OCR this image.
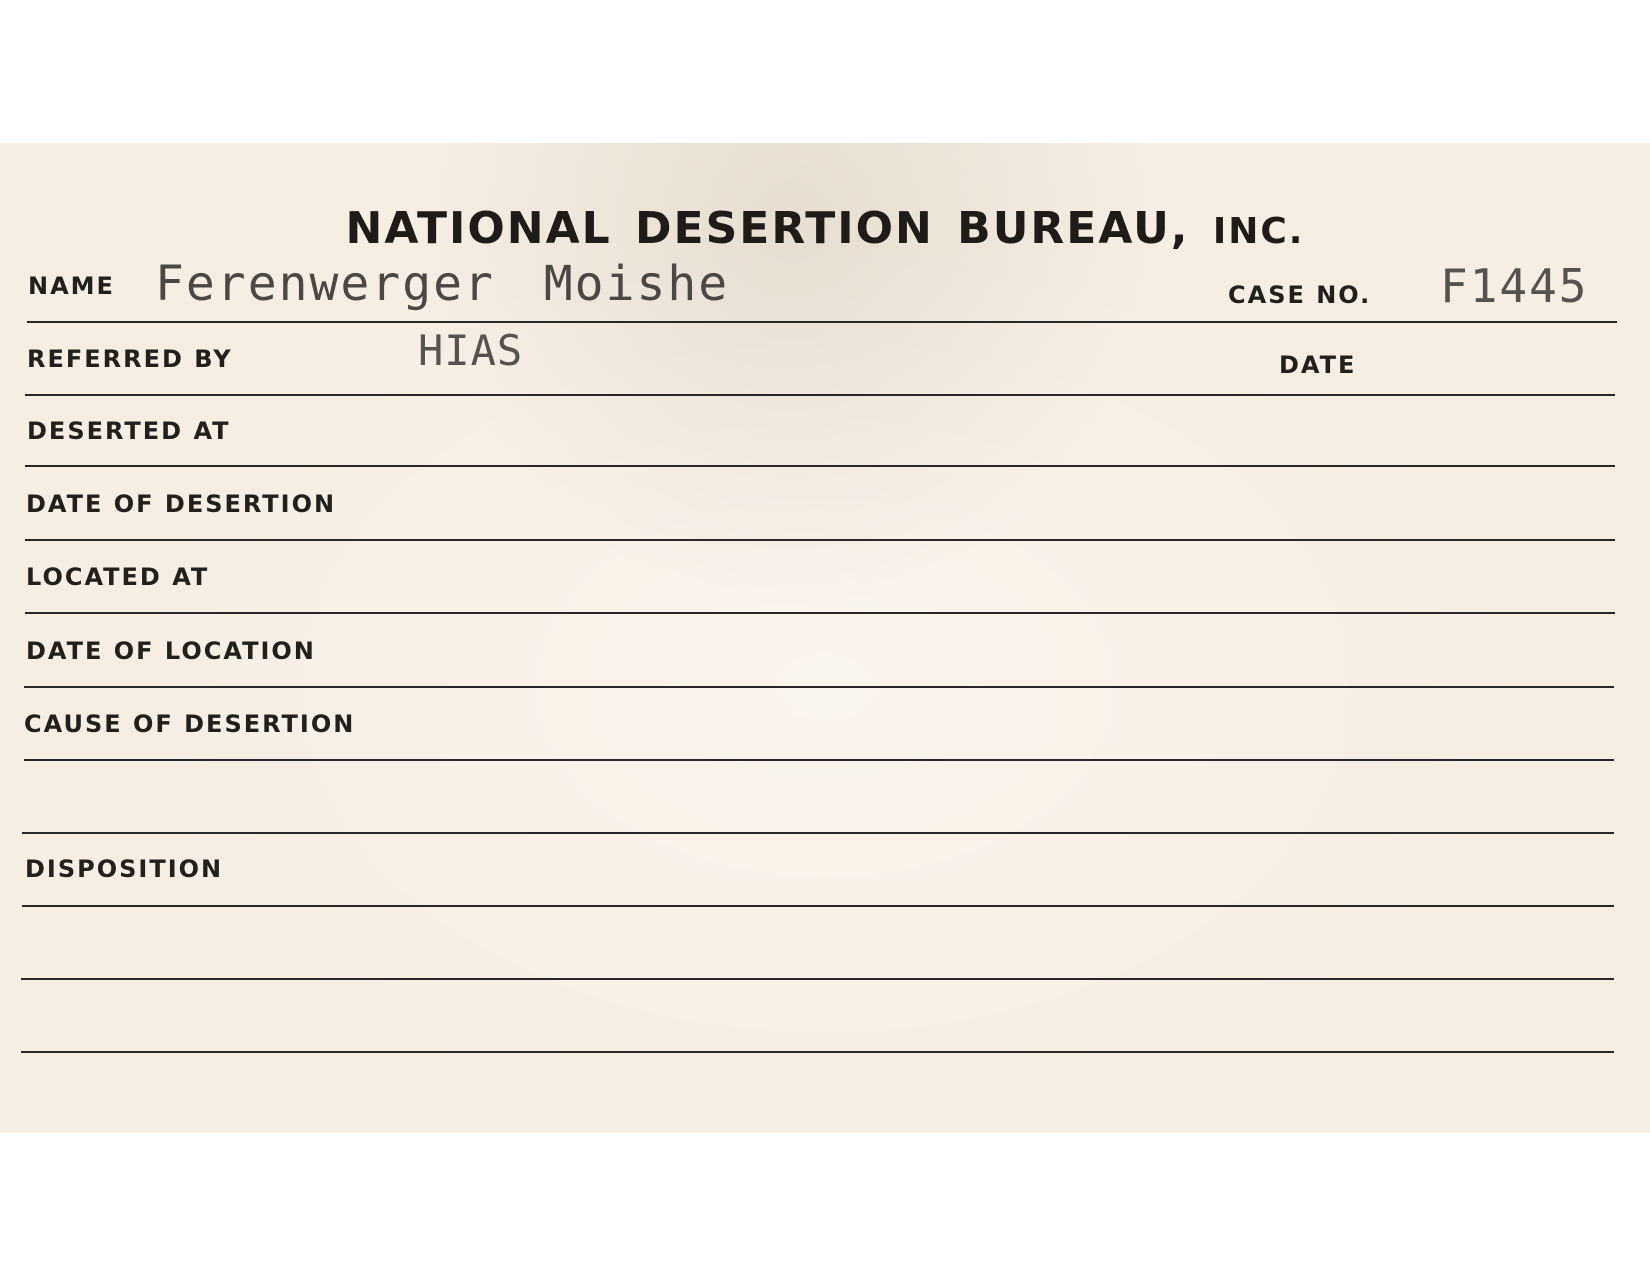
NATIONAL DESERTION BUREAU, INC.
NAME Ferenwerger Moishe	CASE NO. F1445
HIAS
REFERRED BY	DATE
DESERTED AT
DATE OF DESERTION
LOCATED AT
DATE OF LOCATION
CAUSE OF DESERTION
DISPOSITION
